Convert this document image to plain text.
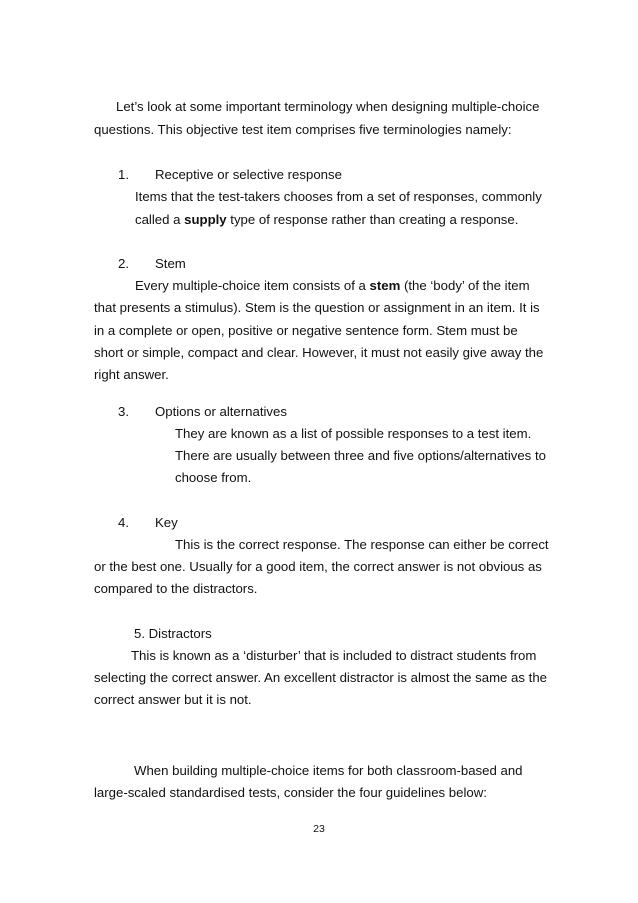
Let’s look at some important terminology when designing multiple-choice

questions. This objective test item comprises five terminologies namely:

1. Receptive or selective response

Items that the test-takers chooses from a set of responses, commonly

called a supply type of response rather than creating a response.

2. Stem

Every multiple-choice item consists of a stem (the ‘body’ of the item

that presents a stimulus). Stem is the question or assignment in an item. It is

in a complete or open, positive or negative sentence form. Stem must be

short or simple, compact and clear. However, it must not easily give away the

right answer.

3. Options or alternatives

They are known as a list of possible responses to a test item.

There are usually between three and five options/alternatives to

choose from.

4. Key

This is the correct response. The response can either be correct

or the best one. Usually for a good item, the correct answer is not obvious as

compared to the distractors.

5. Distractors

This is known as a ‘disturber’ that is included to distract students from

selecting the correct answer. An excellent distractor is almost the same as the

correct answer but it is not.

When building multiple-choice items for both classroom-based and

large-scaled standardised tests, consider the four guidelines below:

23
